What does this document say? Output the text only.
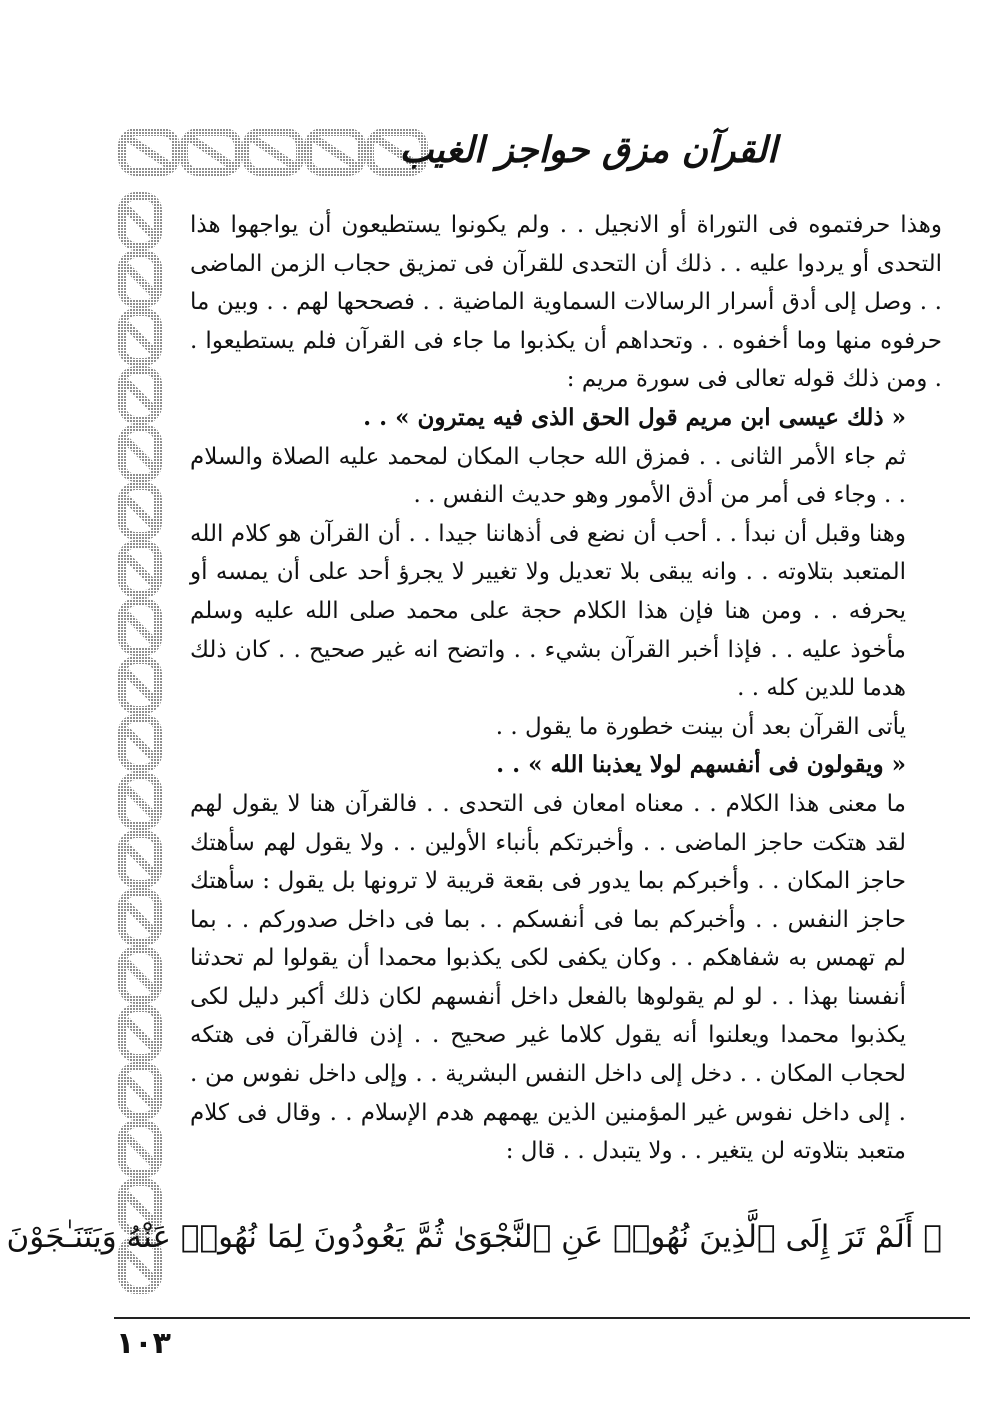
القرآن مزق حواجز الغيب

وهذا حرفتموه فى التوراة أو الانجيل . . ولم يكونوا يستطيعون أن يواجهوا هذا التحدى أو يردوا عليه . . ذلك أن التحدى للقرآن فى تمزيق حجاب الزمن الماضى . . وصل إلى أدق أسرار الرسالات السماوية الماضية . . فصححها لهم . . وبين ما حرفوه منها وما أخفوه . . وتحداهم أن يكذبوا ما جاء فى القرآن فلم يستطيعوا . . ومن ذلك قوله تعالى فى سورة مريم :

« ذلك عيسى ابن مريم قول الحق الذى فيه يمترون » . .

ثم جاء الأمر الثانى . . فمزق الله حجاب المكان لمحمد عليه الصلاة والسلام . . وجاء فى أمر من أدق الأمور وهو حديث النفس . .

وهنا وقبل أن نبدأ . . أحب أن نضع فى أذهاننا جيدا . . أن القرآن هو كلام الله المتعبد بتلاوته . . وانه يبقى بلا تعديل ولا تغيير لا يجرؤ أحد على أن يمسه أو يحرفه . . ومن هنا فإن هذا الكلام حجة على محمد صلى الله عليه وسلم مأخوذ عليه . . فإذا أخبر القرآن بشيء . . واتضح انه غير صحيح . . كان ذلك هدما للدين كله . .

يأتى القرآن بعد أن بينت خطورة ما يقول . .

« ويقولون فى أنفسهم لولا يعذبنا الله » . .

ما معنى هذا الكلام . . معناه امعان فى التحدى . . فالقرآن هنا لا يقول لهم لقد هتكت حاجز الماضى . . وأخبرتكم بأنباء الأولين . . ولا يقول لهم سأهتك حاجز المكان . . وأخبركم بما يدور فى بقعة قريبة لا ترونها بل يقول : سأهتك حاجز النفس . . وأخبركم بما فى أنفسكم . . بما فى داخل صدوركم . . بما لم تهمس به شفاهكم . . وكان يكفى لكى يكذبوا محمدا أن يقولوا لم تحدثنا أنفسنا بهذا . . لو لم يقولوها بالفعل داخل أنفسهم لكان ذلك أكبر دليل لكى يكذبوا محمدا ويعلنوا أنه يقول كلاما غير صحيح . . إذن فالقرآن فى هتكه لحجاب المكان . . دخل إلى داخل النفس البشرية . . وإلى داخل نفوس من . . إلى داخل نفوس غير المؤمنين الذين يهمهم هدم الإسلام . . وقال فى كلام متعبد بتلاوته لن يتغير . . ولا يتبدل . . قال :

﴿ أَلَمْ تَرَ إِلَى ٱلَّذِينَ نُهُوا۟ عَنِ ٱلنَّجْوَىٰ ثُمَّ يَعُودُونَ لِمَا نُهُوا۟ عَنْهُ وَيَتَنَـٰجَوْنَ
١٠٣
